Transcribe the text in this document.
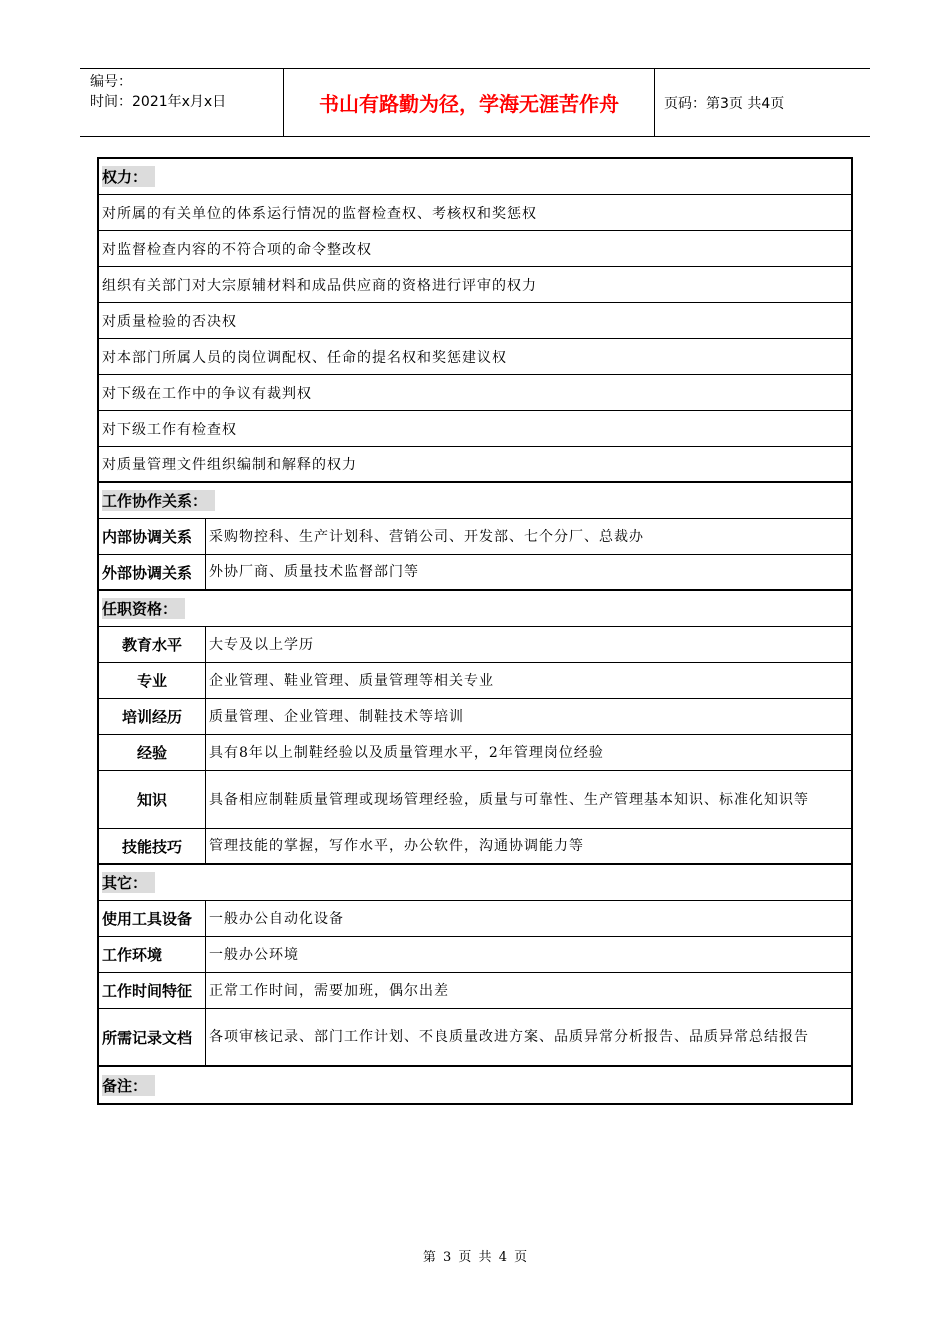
编号：
时间：2021年x月x日	书山有路勤为径，学海无涯苦作舟	页码：第3页 共4页
权力：
对所属的有关单位的体系运行情况的监督检查权、考核权和奖惩权
对监督检查内容的不符合项的命令整改权
组织有关部门对大宗原辅材料和成品供应商的资格进行评审的权力
对质量检验的否决权
对本部门所属人员的岗位调配权、任命的提名权和奖惩建议权
对下级在工作中的争议有裁判权
对下级工作有检查权
对质量管理文件组织编制和解释的权力
工作协作关系：
内部协调关系	采购物控科、生产计划科、营销公司、开发部、七个分厂、总裁办
外部协调关系	外协厂商、质量技术监督部门等
任职资格：
教育水平	大专及以上学历
专业	企业管理、鞋业管理、质量管理等相关专业
培训经历	质量管理、企业管理、制鞋技术等培训
经验	具有8年以上制鞋经验以及质量管理水平，2年管理岗位经验
知识	具备相应制鞋质量管理或现场管理经验，质量与可靠性、生产管理基本知识、标准化知识等
技能技巧	管理技能的掌握，写作水平，办公软件，沟通协调能力等
其它：
使用工具设备	一般办公自动化设备
工作环境	一般办公环境
工作时间特征	正常工作时间，需要加班，偶尔出差
所需记录文档	各项审核记录、部门工作计划、不良质量改进方案、品质异常分析报告、品质异常总结报告
备注：
第 3 页 共 4 页
